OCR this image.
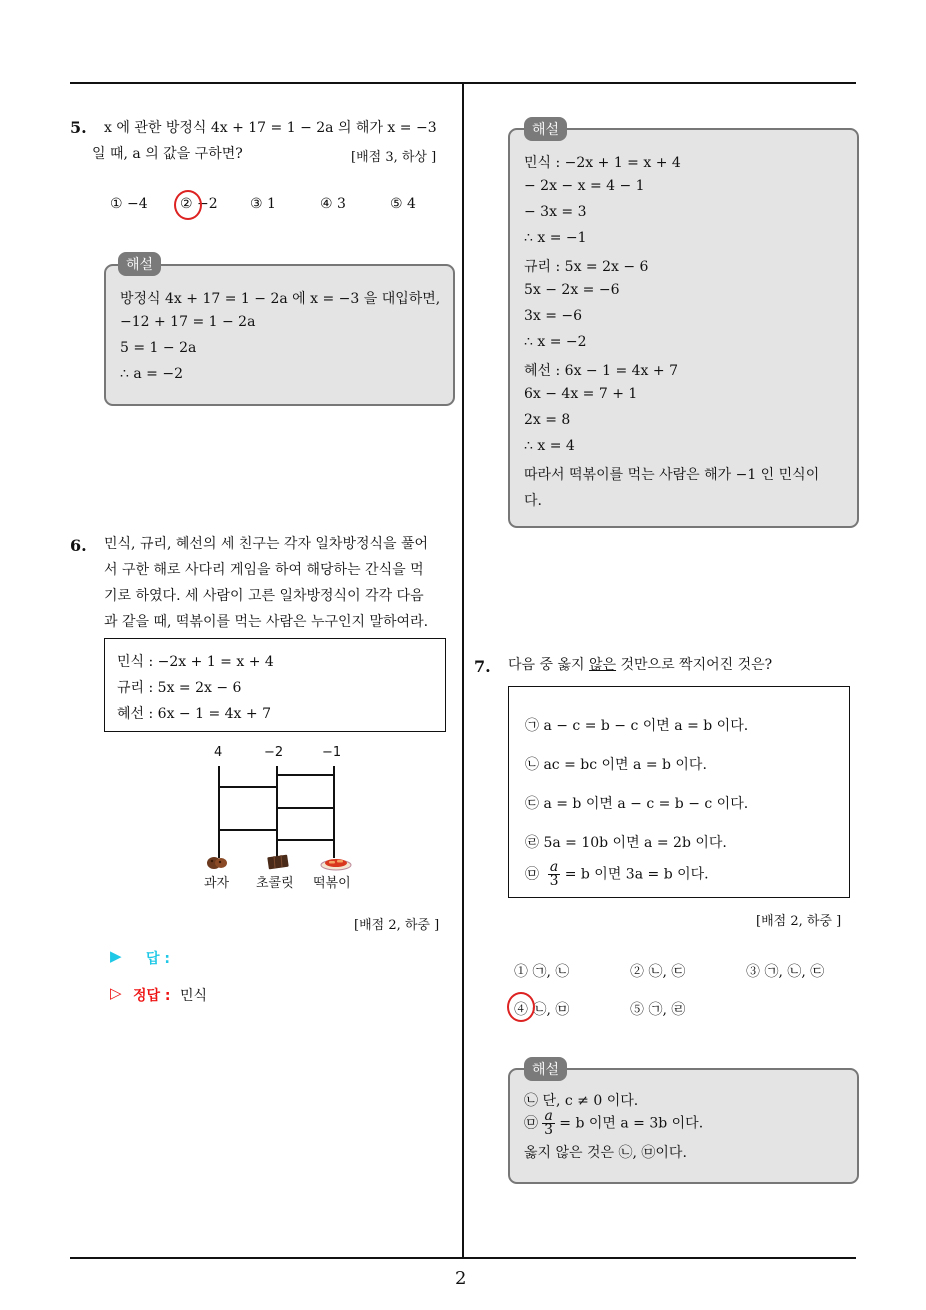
2
5. x 에 관한 방정식 4x + 17 = 1 − 2a 의 해가 x = −3
일 때, a 의 값을 구하면?	[배점 3, 하상 ]
① −4 ② −2 ③ 1	④ 3	⑤ 4
방정식 4x + 17 = 1 − 2a 에 x = −3 을 대입하면,
−12 + 17 = 1 − 2a
5 = 1 − 2a
∴ a = −2
해설
6. 민식, 규리, 혜선의 세 친구는 각자 일차방정식을 풀어
서 구한 해로 사다리 게임을 하여 해당하는 간식을 먹
기로 하였다. 세 사람이 고른 일차방정식이 각각 다음
과 같을 때, 떡볶이를 먹는 사람은 누구인지 말하여라.
민식 : −2x + 1 = x + 4
규리 : 5x = 2x − 6
혜선 : 6x − 1 = 4x + 7
4	−2	−1
과자 초콜릿 떡볶이
[배점 2, 하중 ]
▶ 답 :
▷ 정답 : 민식
민식 : −2x + 1 = x + 4
− 2x − x = 4 − 1
− 3x = 3
∴ x = −1
규리 : 5x = 2x − 6
5x − 2x = −6
3x = −6
∴ x = −2
혜선 : 6x − 1 = 4x + 7
6x − 4x = 7 + 1
2x = 8
∴ x = 4
따라서 떡볶이를 먹는 사람은 해가 −1 인 민식이
다.
해설
7. 다음 중 옳지 않은 것만으로 짝지어진 것은?
㉠ a − c = b − c 이면 a = b 이다.
㉡ ac = bc 이면 a = b 이다.
㉢ a = b 이면 a − c = b − c 이다.
㉣ 5a = 10b 이면 a = 2b 이다.
㉤ $\frac{a}{3} = b$ 이면 3a = b 이다.
[배점 2, 하중 ]
① ㉠, ㉡	② ㉡, ㉢	③ ㉠, ㉡, ㉢
④ ㉡, ㉤	⑤ ㉠, ㉣
㉡ 단, c ≠ 0 이다.
㉤ $\frac{a}{3} = b$ 이면 a = 3b 이다.
옳지 않은 것은 ㉡, ㉤이다.
해설
